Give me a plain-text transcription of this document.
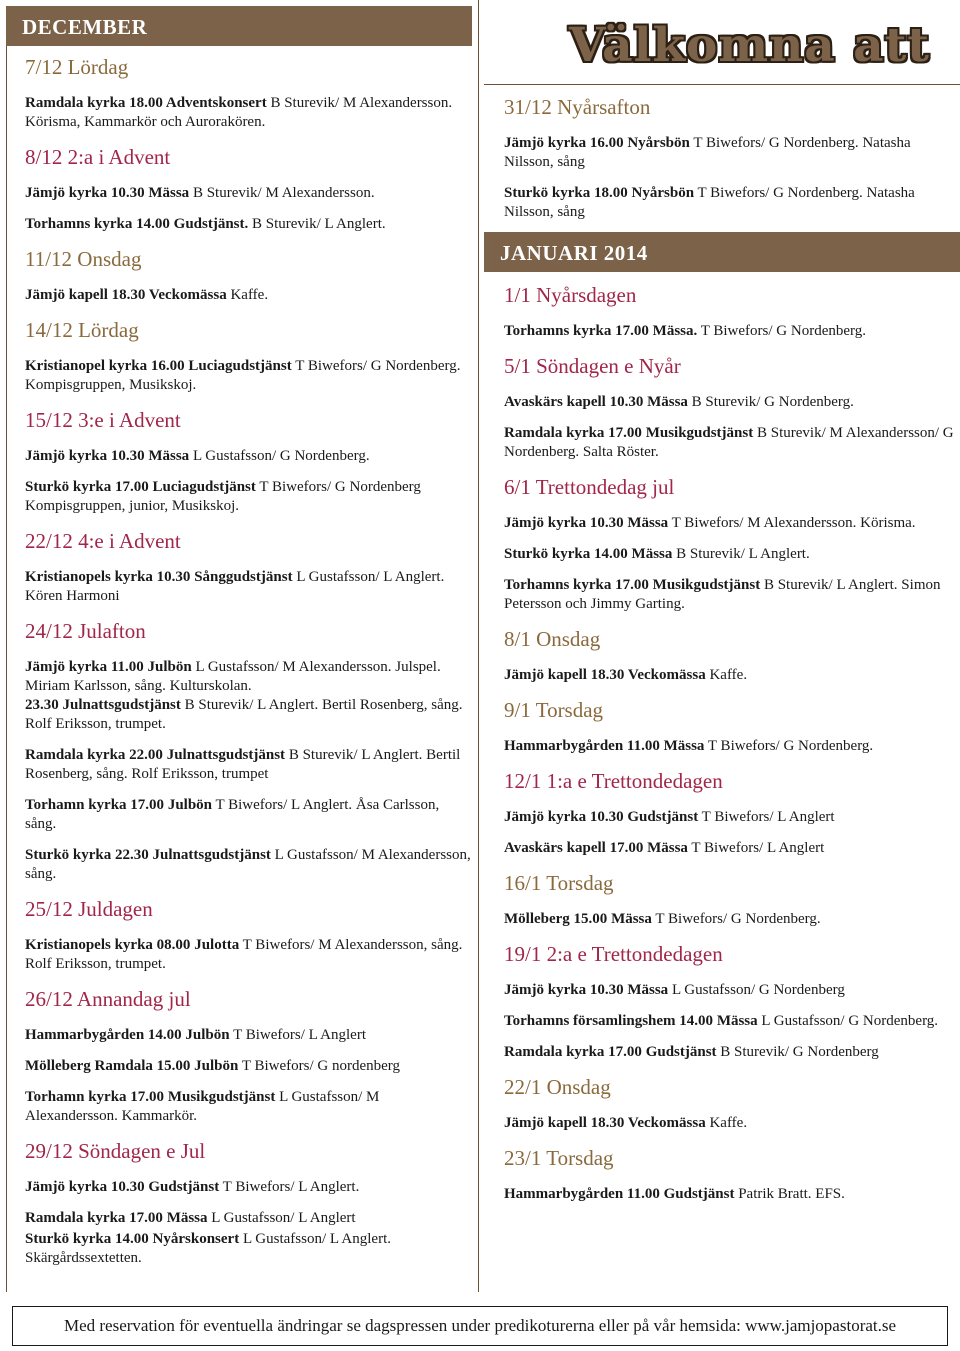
DECEMBER
7/12 Lördag
Ramdala kyrka 18.00 Adventskonsert B Sturevik/ M Alexandersson. Körisma, Kammarkör och Aurorakören.
8/12 2:a i Advent
Jämjö kyrka 10.30 Mässa B Sturevik/ M Alexandersson.
Torhamns kyrka 14.00 Gudstjänst. B Sturevik/ L Anglert.
11/12 Onsdag
Jämjö kapell 18.30 Veckomässa Kaffe.
14/12 Lördag
Kristianopel kyrka 16.00 Luciagudstjänst T Biwefors/ G Nordenberg. Kompisgruppen, Musikskoj.
15/12 3:e i Advent
Jämjö kyrka 10.30 Mässa L Gustafsson/ G Nordenberg.
Sturkö kyrka 17.00 Luciagudstjänst T Biwefors/ G Nordenberg Kompisgruppen, junior, Musikskoj.
22/12 4:e i Advent
Kristianopels kyrka 10.30 Sånggudstjänst L Gustafsson/ L Anglert. Kören Harmoni
24/12 Julafton
Jämjö kyrka 11.00 Julbön L Gustafsson/ M Alexandersson. Julspel. Miriam Karlsson, sång. Kulturskolan.
23.30 Julnattsgudstjänst B Sturevik/ L Anglert. Bertil Rosenberg, sång. Rolf Eriksson, trumpet.
Ramdala kyrka 22.00 Julnattsgudstjänst B Sturevik/ L Anglert. Bertil Rosenberg, sång. Rolf Eriksson, trumpet
Torhamn kyrka 17.00 Julbön T Biwefors/ L Anglert. Åsa Carlsson, sång.
Sturkö kyrka 22.30 Julnattsgudstjänst L Gustafsson/ M Alexandersson, sång.
25/12 Juldagen
Kristianopels kyrka 08.00 Julotta T Biwefors/ M Alexandersson, sång. Rolf Eriksson, trumpet.
26/12 Annandag jul
Hammarbygården 14.00 Julbön T Biwefors/ L Anglert
Mölleberg Ramdala 15.00 Julbön T Biwefors/ G nordenberg
Torhamn kyrka 17.00 Musikgudstjänst L Gustafsson/ M Alexandersson. Kammarkör.
29/12 Söndagen e Jul
Jämjö kyrka 10.30 Gudstjänst T Biwefors/ L Anglert.
Ramdala kyrka 17.00 Mässa L Gustafsson/ L Anglert
Sturkö kyrka 14.00 Nyårskonsert L Gustafsson/ L Anglert. Skärgårdssextetten.
Välkomna att
31/12 Nyårsafton
Jämjö kyrka 16.00 Nyårsbön T Biwefors/ G Nordenberg. Natasha Nilsson, sång
Sturkö kyrka 18.00 Nyårsbön T Biwefors/ G Nordenberg. Natasha Nilsson, sång
JANUARI 2014
1/1 Nyårsdagen
Torhamns kyrka 17.00 Mässa. T Biwefors/ G Nordenberg.
5/1 Söndagen e Nyår
Avaskärs kapell 10.30 Mässa B Sturevik/ G Nordenberg.
Ramdala kyrka 17.00 Musikgudstjänst B Sturevik/ M Alexandersson/ G Nordenberg. Salta Röster.
6/1 Trettondedag jul
Jämjö kyrka 10.30 Mässa T Biwefors/ M Alexandersson. Körisma.
Sturkö kyrka 14.00 Mässa B Sturevik/ L Anglert.
Torhamns kyrka 17.00 Musikgudstjänst B Sturevik/ L Anglert. Simon Petersson och Jimmy Garting.
8/1 Onsdag
Jämjö kapell 18.30 Veckomässa Kaffe.
9/1 Torsdag
Hammarbygården 11.00 Mässa T Biwefors/ G Nordenberg.
12/1 1:a e Trettondedagen
Jämjö kyrka 10.30 Gudstjänst T Biwefors/ L Anglert
Avaskärs kapell 17.00 Mässa T Biwefors/ L Anglert
16/1 Torsdag
Mölleberg 15.00 Mässa T Biwefors/ G Nordenberg.
19/1 2:a e Trettondedagen
Jämjö kyrka 10.30 Mässa L Gustafsson/ G Nordenberg
Torhamns församlingshem 14.00 Mässa L Gustafsson/ G Nordenberg.
Ramdala kyrka 17.00 Gudstjänst B Sturevik/ G Nordenberg
22/1 Onsdag
Jämjö kapell 18.30 Veckomässa Kaffe.
23/1 Torsdag
Hammarbygården 11.00 Gudstjänst Patrik Bratt. EFS.
Med reservation för eventuella ändringar se dagspressen under predikoturerna eller på vår hemsida: www.jamjopastorat.se
